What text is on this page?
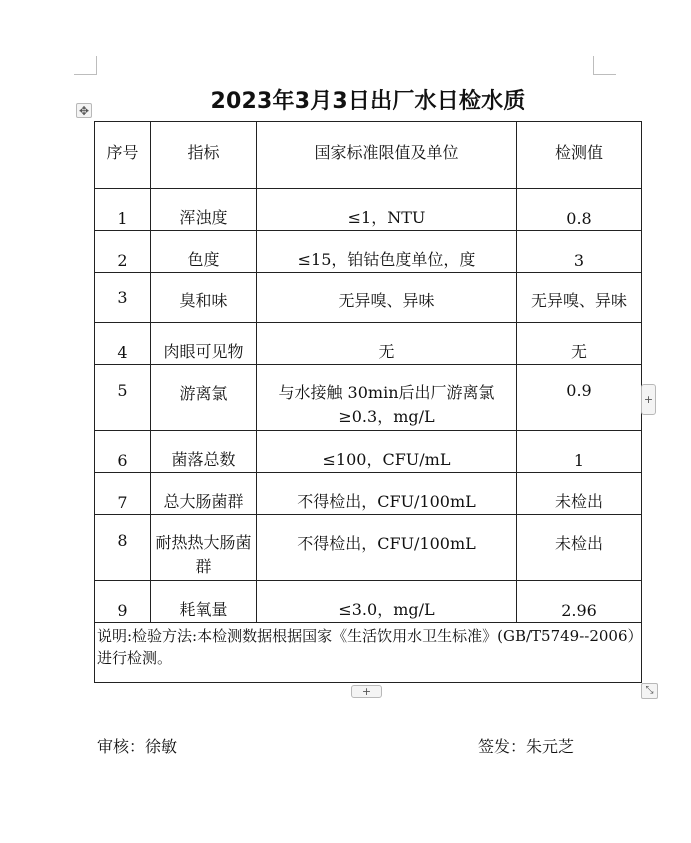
✥	2023年3月3日出厂水日检水质
序号	指标	国家标准限值及单位	检测值
1	浑浊度	≤1，NTU	0.8
2	色度	≤15，铂钴色度单位，度	3
3	臭和味	无异嗅、异味	无异嗅、异味
4	肉眼可见物	无	无
5	游离氯	与水接触 30min后出厂游离氯≥0.3，mg/L	0.9
6	菌落总数	≤100，CFU/mL	1
7	总大肠菌群	不得检出，CFU/100mL	未检出
8	耐热热大肠菌群	不得检出，CFU/100mL	未检出
9	耗氧量	≤3.0，mg/L	2.96
说明:检验方法:本检测数据根据国家《生活饮用水卫生标准》(GB/T5749--2006）进行检测。			
+
+	⤡
审核：徐敏	签发：朱元芝
